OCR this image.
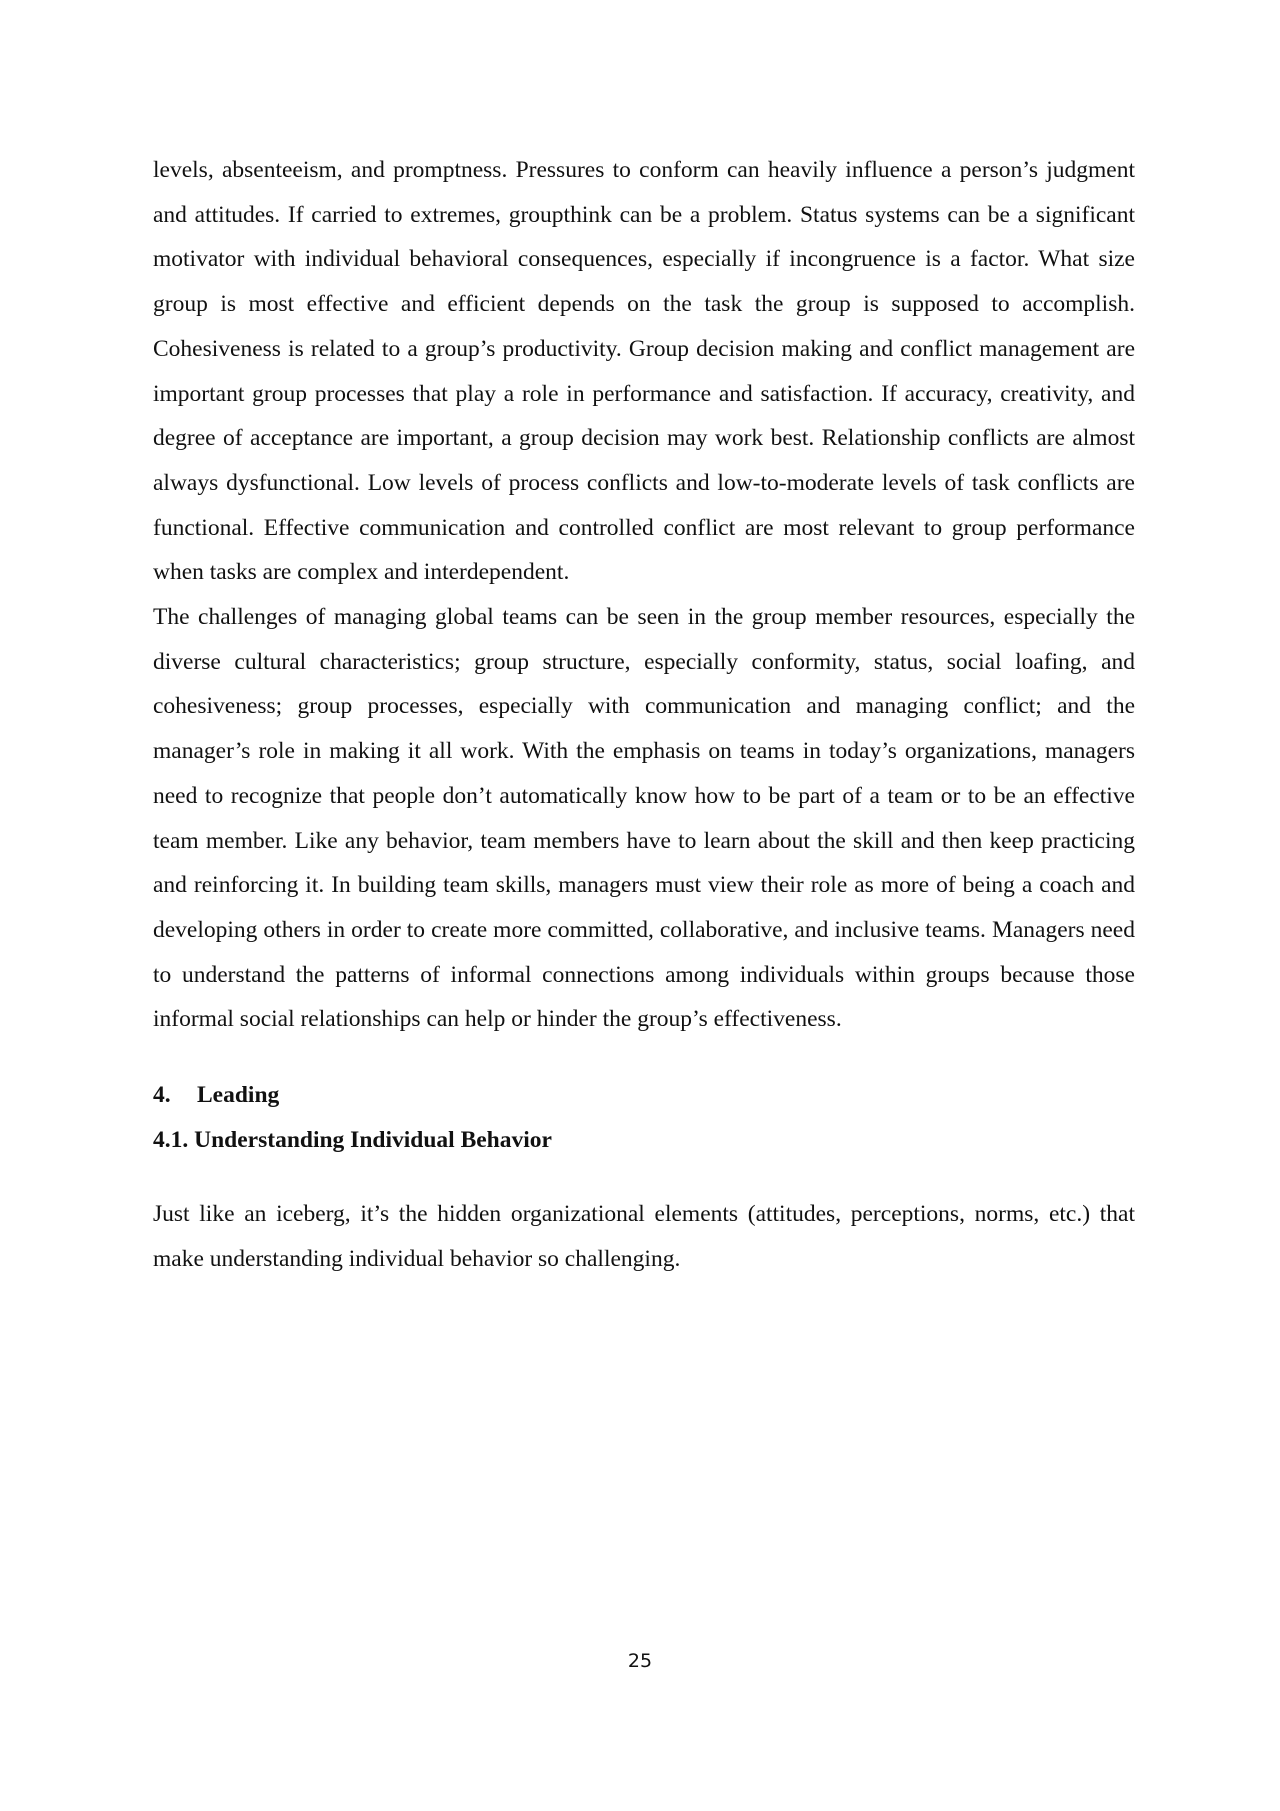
levels, absenteeism, and promptness. Pressures to conform can heavily influence a person’s judgment and attitudes. If carried to extremes, groupthink can be a problem. Status systems can be a significant motivator with individual behavioral consequences, especially if incongruence is a factor. What size group is most effective and efficient depends on the task the group is supposed to accomplish. Cohesiveness is related to a group’s productivity. Group decision making and conflict management are important group processes that play a role in performance and satisfaction. If accuracy, creativity, and degree of acceptance are important, a group decision may work best. Relationship conflicts are almost always dysfunctional. Low levels of process conflicts and low-to-moderate levels of task conflicts are functional. Effective communication and controlled conflict are most relevant to group performance when tasks are complex and interdependent.

The challenges of managing global teams can be seen in the group member resources, especially the diverse cultural characteristics; group structure, especially conformity, status, social loafing, and cohesiveness; group processes, especially with communication and managing conflict; and the manager’s role in making it all work. With the emphasis on teams in today’s organizations, managers need to recognize that people don’t automatically know how to be part of a team or to be an effective team member. Like any behavior, team members have to learn about the skill and then keep practicing and reinforcing it. In building team skills, managers must view their role as more of being a coach and developing others in order to create more committed, collaborative, and inclusive teams. Managers need to understand the patterns of informal connections among individuals within groups because those informal social relationships can help or hinder the group’s effectiveness.

4. Leading
4.1. Understanding Individual Behavior

Just like an iceberg, it’s the hidden organizational elements (attitudes, perceptions, norms, etc.) that make understanding individual behavior so challenging.

25
